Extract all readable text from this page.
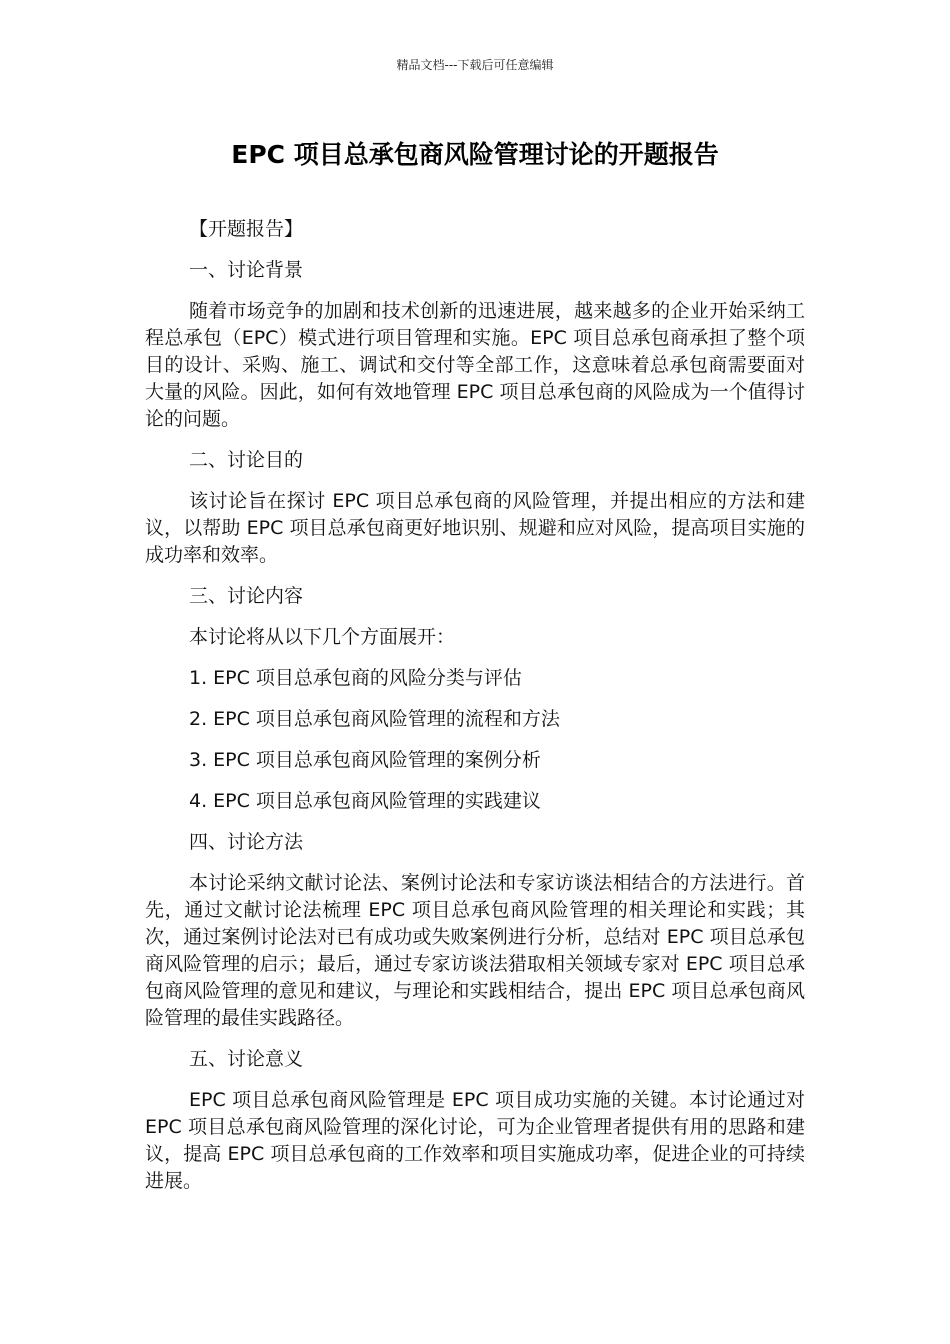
精品文档---下载后可任意编辑
EPC 项目总承包商风险管理讨论的开题报告

【开题报告】

一、讨论背景

随着市场竞争的加剧和技术创新的迅速进展，越来越多的企业开始采纳工程总承包（EPC）模式进行项目管理和实施。EPC 项目总承包商承担了整个项目的设计、采购、施工、调试和交付等全部工作，这意味着总承包商需要面对大量的风险。因此，如何有效地管理 EPC 项目总承包商的风险成为一个值得讨论的问题。

二、讨论目的

该讨论旨在探讨 EPC 项目总承包商的风险管理，并提出相应的方法和建议，以帮助 EPC 项目总承包商更好地识别、规避和应对风险，提高项目实施的成功率和效率。

三、讨论内容

本讨论将从以下几个方面展开：

1. EPC 项目总承包商的风险分类与评估

2. EPC 项目总承包商风险管理的流程和方法

3. EPC 项目总承包商风险管理的案例分析

4. EPC 项目总承包商风险管理的实践建议

四、讨论方法

本讨论采纳文献讨论法、案例讨论法和专家访谈法相结合的方法进行。首先，通过文献讨论法梳理 EPC 项目总承包商风险管理的相关理论和实践；其次，通过案例讨论法对已有成功或失败案例进行分析，总结对 EPC 项目总承包商风险管理的启示；最后，通过专家访谈法猎取相关领域专家对 EPC 项目总承包商风险管理的意见和建议，与理论和实践相结合，提出 EPC 项目总承包商风险管理的最佳实践路径。

五、讨论意义

EPC 项目总承包商风险管理是 EPC 项目成功实施的关键。本讨论通过对 EPC 项目总承包商风险管理的深化讨论，可为企业管理者提供有用的思路和建议，提高 EPC 项目总承包商的工作效率和项目实施成功率，促进企业的可持续进展。
